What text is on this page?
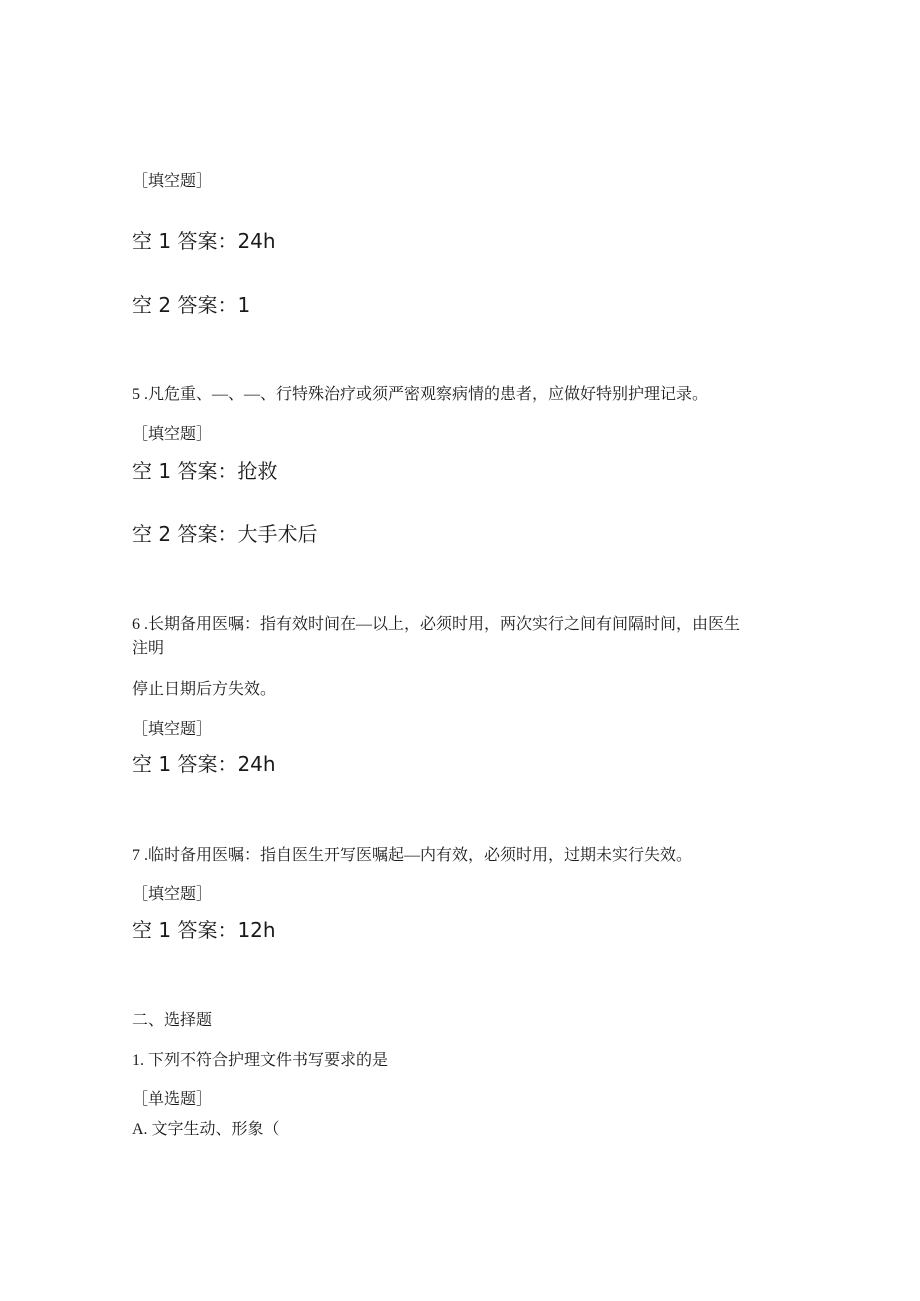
［填空题］
空 1 答案：24h
空 2 答案：1
5 .凡危重、—、—、行特殊治疗或须严密观察病情的患者，应做好特别护理记录。
［填空题］
空 1 答案：抢救
空 2 答案：大手术后
6 .长期备用医嘱：指有效时间在—以上，必须时用，两次实行之间有间隔时间，由医生
注明
停止日期后方失效。
［填空题］
空 1 答案：24h
7 .临时备用医嘱：指自医生开写医嘱起—内有效，必须时用，过期未实行失效。
［填空题］
空 1 答案：12h
二、选择题
1. 下列不符合护理文件书写要求的是
［单选题］
A. 文字生动、形象（
